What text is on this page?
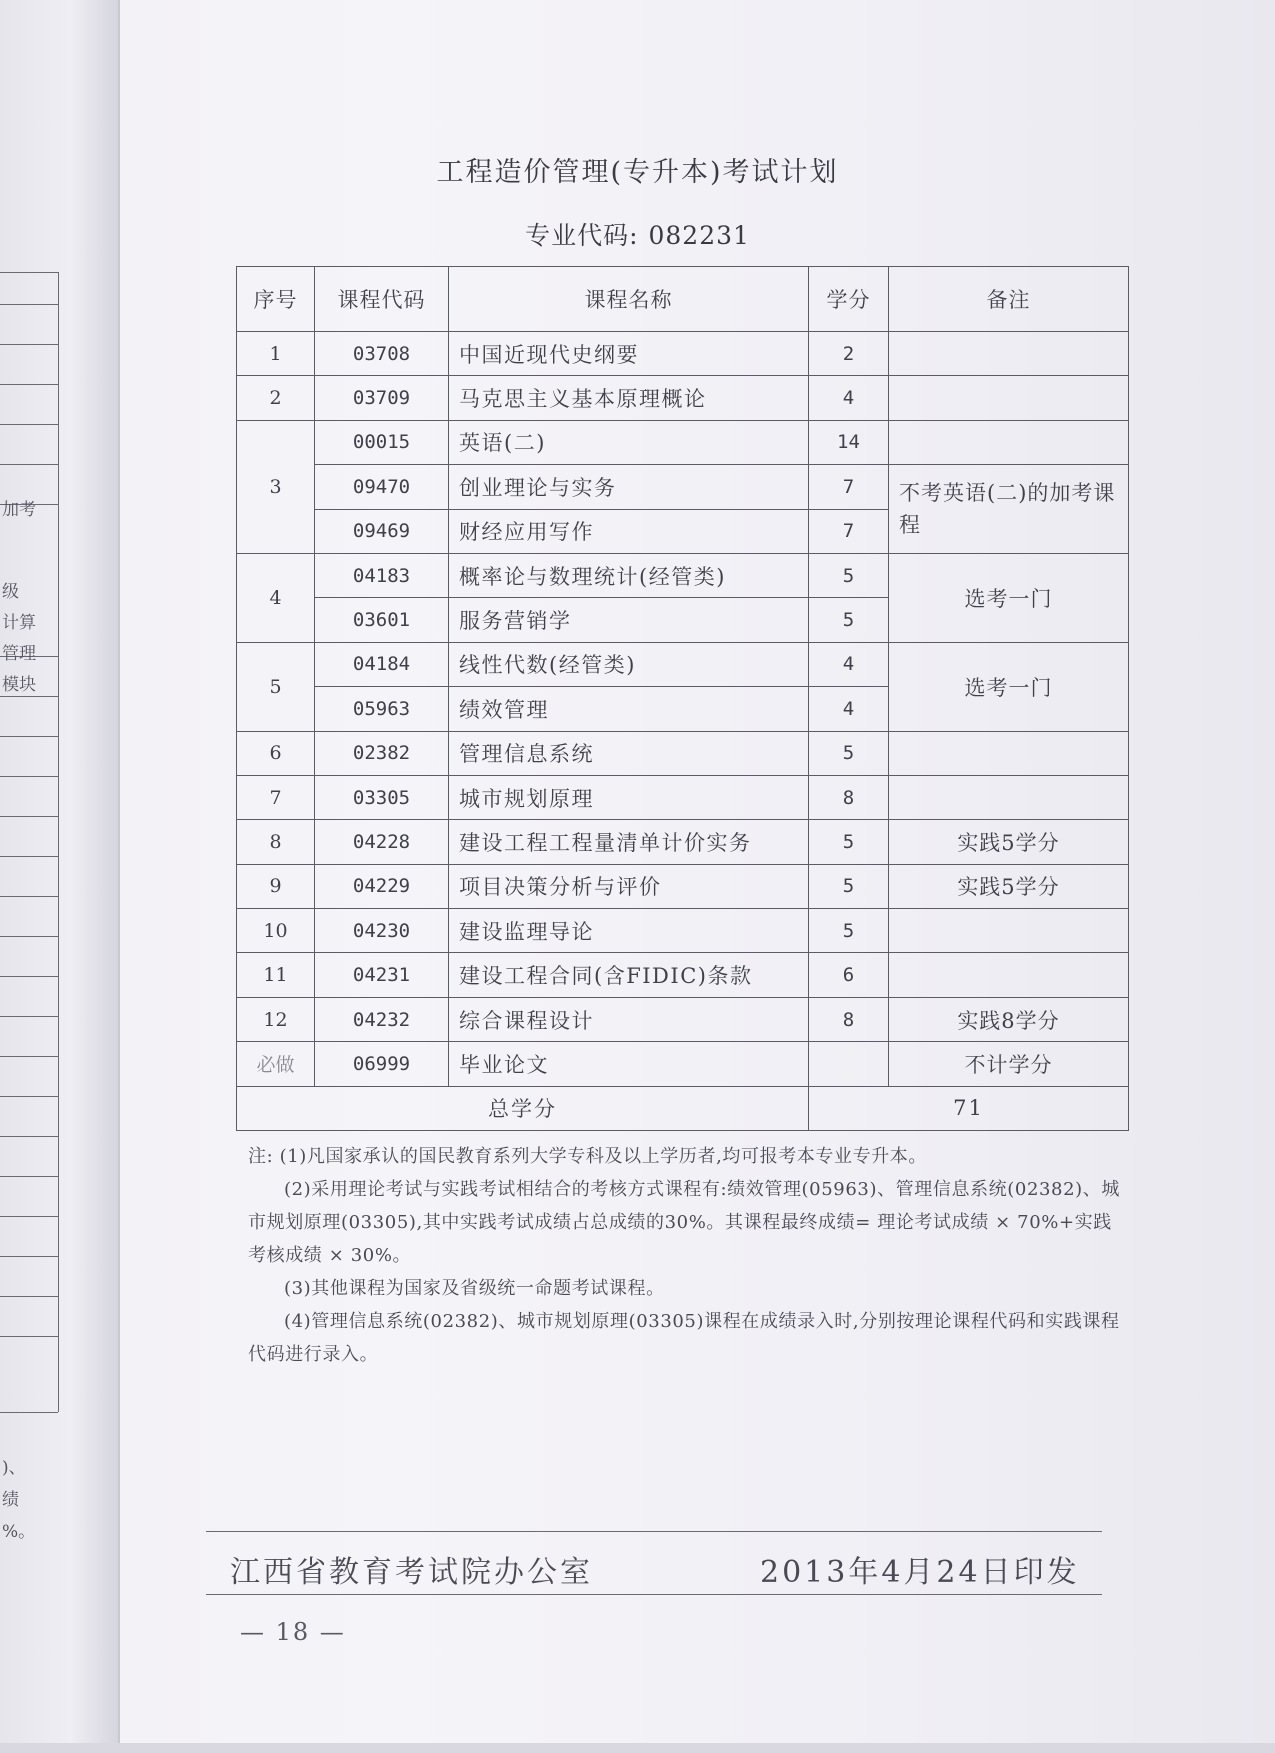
加考
级
计算
管理
模块
)、
绩
%。
工程造价管理(专升本)考试计划
专业代码: 082231
序号	课程代码	课程名称	学分	备注
1	03708	中国近现代史纲要	2	
2	03709	马克思主义基本原理概论	4	
3	00015	英语(二)	14	
	09470	创业理论与实务	7	不考英语(二)的加考课程
	09469	财经应用写作	7	
4	04183	概率论与数理统计(经管类)	5	选考一门
	03601	服务营销学	5	
5	04184	线性代数(经管类)	4	选考一门
	05963	绩效管理	4	
6	02382	管理信息系统	5	
7	03305	城市规划原理	8	
8	04228	建设工程工程量清单计价实务	5	实践5学分
9	04229	项目决策分析与评价	5	实践5学分
10	04230	建设监理导论	5	
11	04231	建设工程合同(含FIDIC)条款	6	
12	04232	综合课程设计	8	实践8学分
必做	06999	毕业论文		不计学分
总学分			71	
注: (1)凡国家承认的国民教育系列大学专科及以上学历者,均可报考本专业专升本。
(2)采用理论考试与实践考试相结合的考核方式课程有:绩效管理(05963)、管理信息系统(02382)、城市规划原理(03305),其中实践考试成绩占总成绩的30%。其课程最终成绩= 理论考试成绩 × 70%+实践考核成绩 × 30%。
(3)其他课程为国家及省级统一命题考试课程。
(4)管理信息系统(02382)、城市规划原理(03305)课程在成绩录入时,分别按理论课程代码和实践课程代码进行录入。
江西省教育考试院办公室	2013年4月24日印发
— 18 —
